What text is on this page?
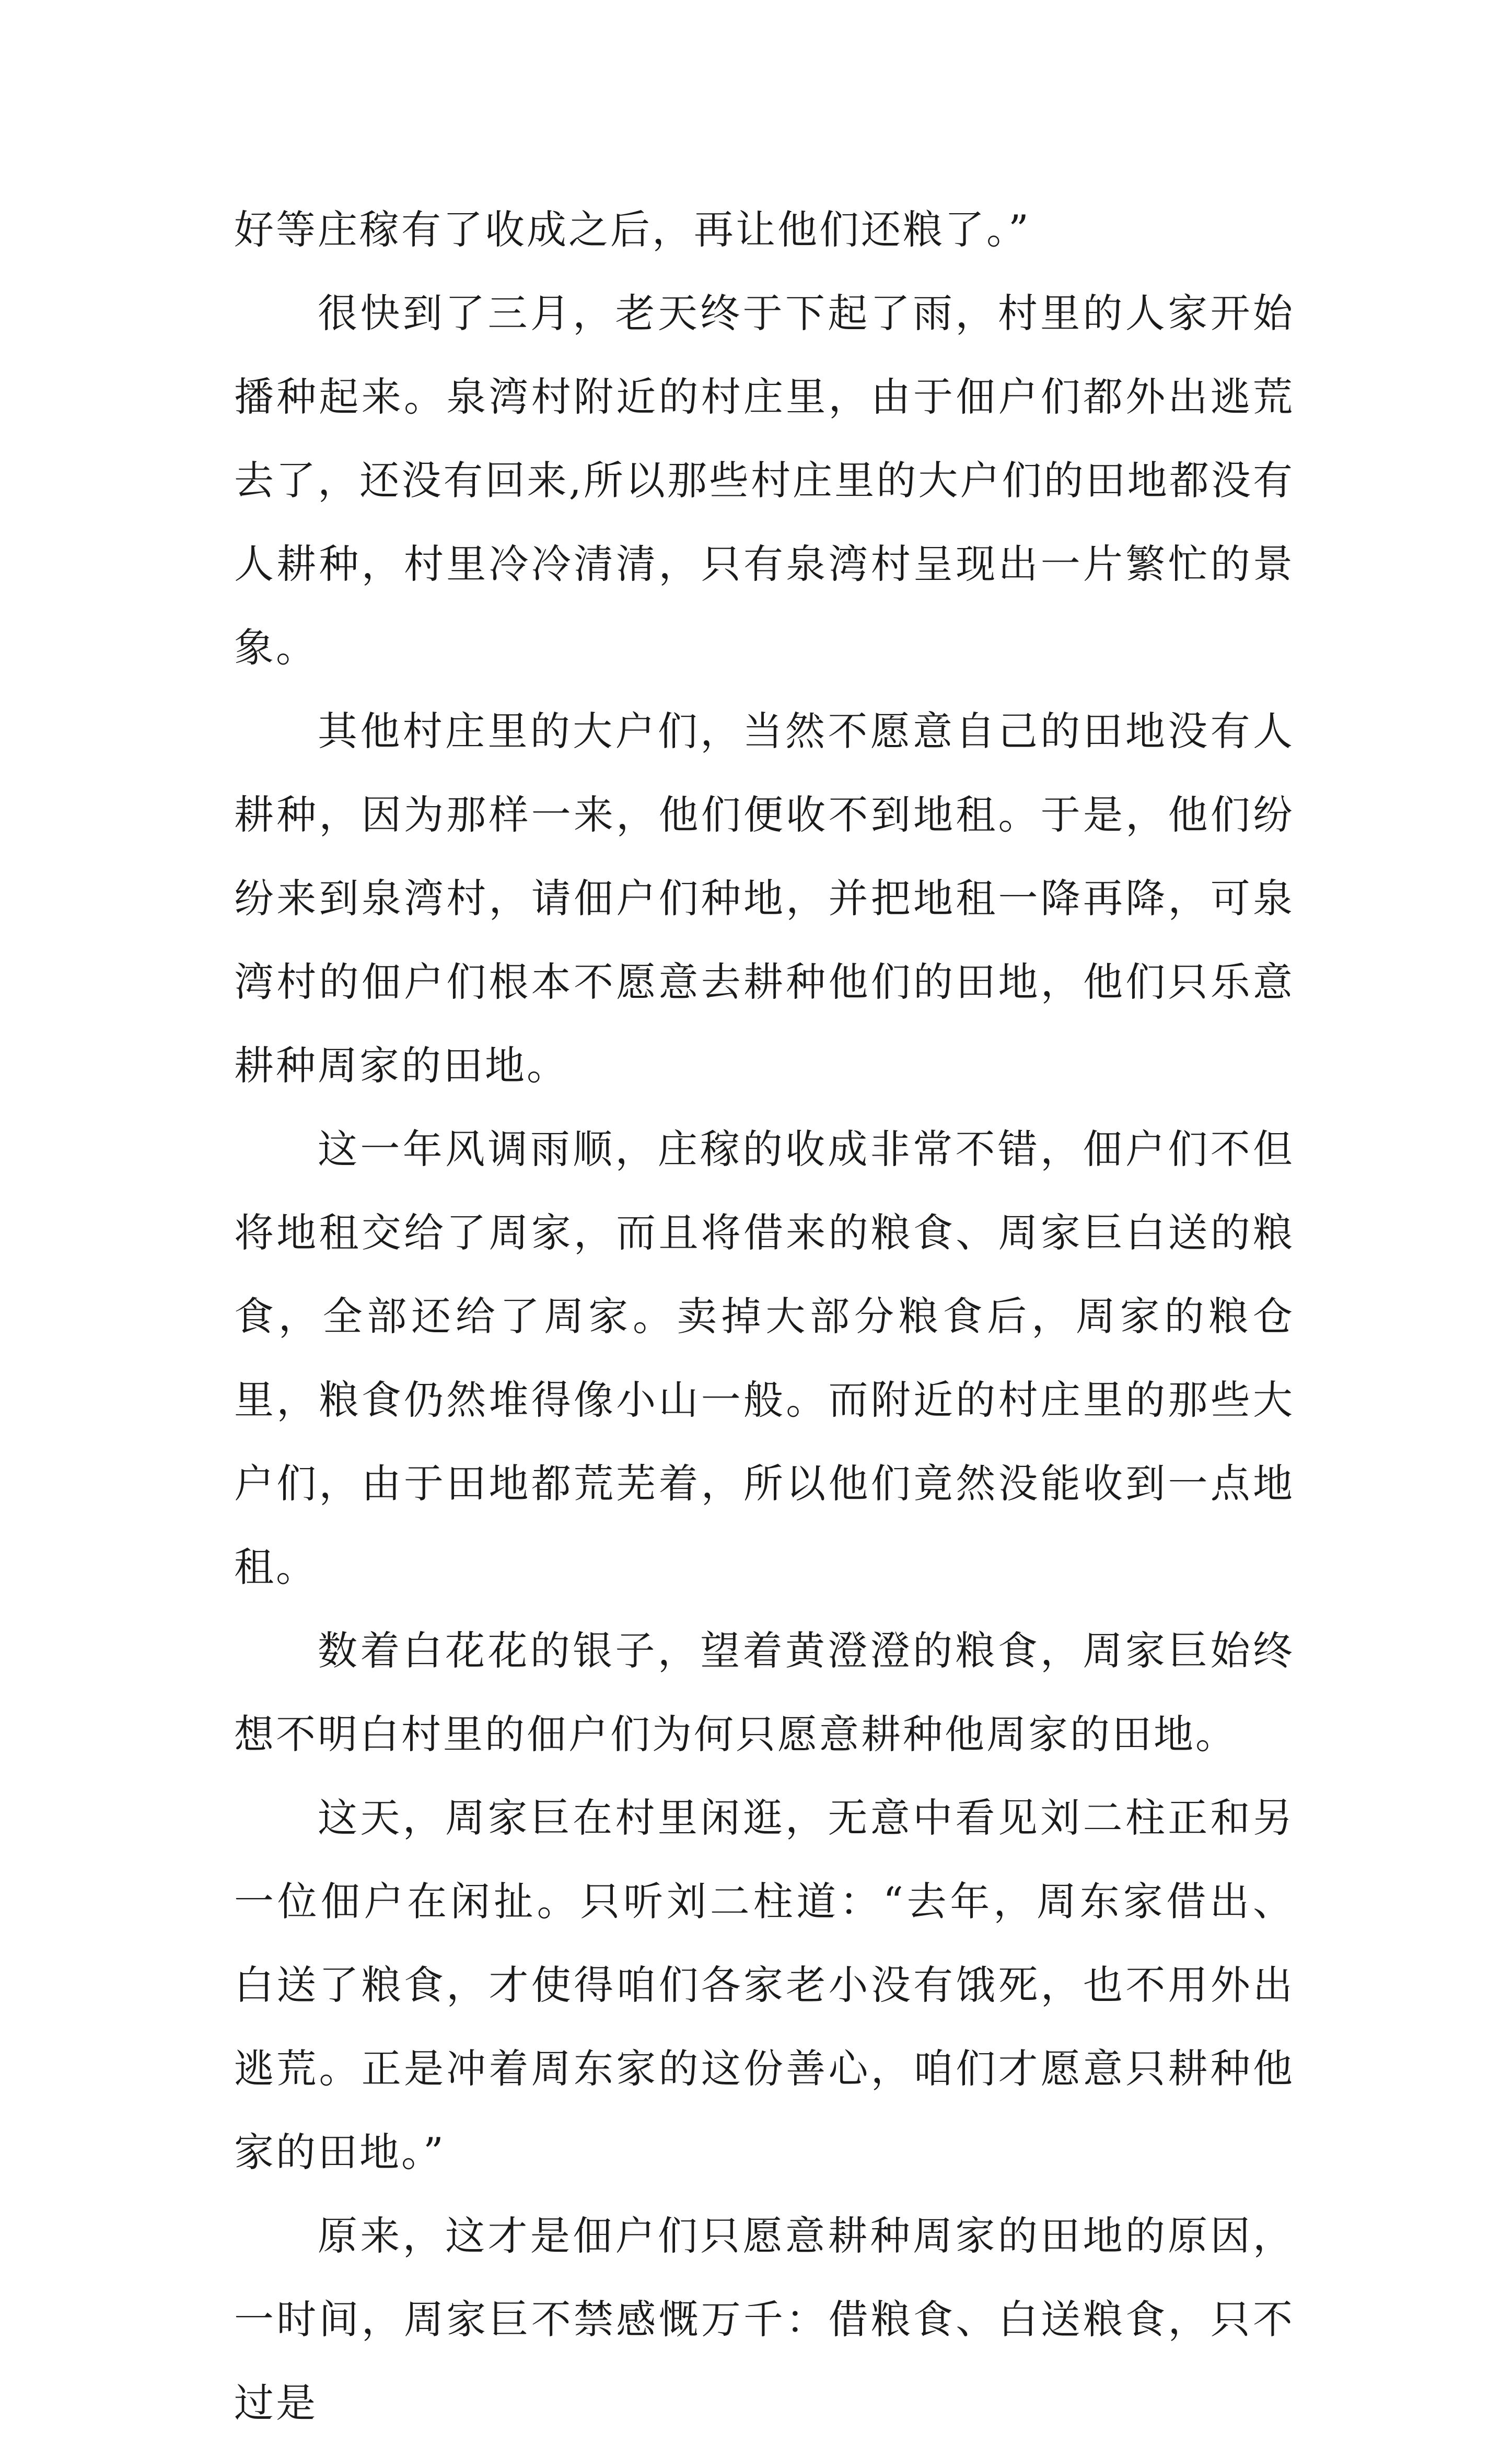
好等庄稼有了收成之后，再让他们还粮了。”

很快到了三月，老天终于下起了雨，村里的人家开始播种起来。泉湾村附近的村庄里，由于佃户们都外出逃荒去了，还没有回来,所以那些村庄里的大户们的田地都没有人耕种，村里冷冷清清，只有泉湾村呈现出一片繁忙的景象。

其他村庄里的大户们，当然不愿意自己的田地没有人耕种，因为那样一来，他们便收不到地租。于是，他们纷纷来到泉湾村，请佃户们种地，并把地租一降再降，可泉湾村的佃户们根本不愿意去耕种他们的田地，他们只乐意耕种周家的田地。

这一年风调雨顺，庄稼的收成非常不错，佃户们不但将地租交给了周家，而且将借来的粮食、周家巨白送的粮食，全部还给了周家。卖掉大部分粮食后，周家的粮仓里，粮食仍然堆得像小山一般。而附近的村庄里的那些大户们，由于田地都荒芜着，所以他们竟然没能收到一点地租。

数着白花花的银子，望着黄澄澄的粮食，周家巨始终想不明白村里的佃户们为何只愿意耕种他周家的田地。

这天，周家巨在村里闲逛，无意中看见刘二柱正和另一位佃户在闲扯。只听刘二柱道：“去年，周东家借出、白送了粮食，才使得咱们各家老小没有饿死，也不用外出逃荒。正是冲着周东家的这份善心，咱们才愿意只耕种他家的田地。”

原来，这才是佃户们只愿意耕种周家的田地的原因，一时间，周家巨不禁感慨万千：借粮食、白送粮食，只不过是
